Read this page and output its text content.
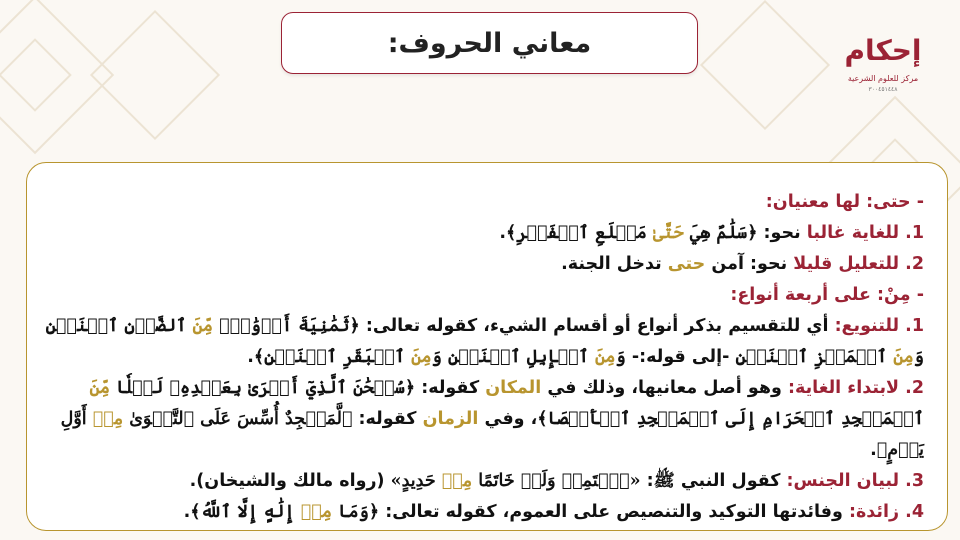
معاني الحروف:	إحكام
مركز للعلوم الشرعية
٣٠٠٤٥١٤٤٨
- حتى: لها معنيان:
1. للغاية غالبا نحو: ﴿سَلَٰمٌ هِيَ حَتَّىٰ مَطۡلَعِ ٱلۡفَجۡرِ﴾.
2. للتعليل قليلا نحو: آمن حتى تدخل الجنة.
- مِنْ: على أربعة أنواع:
1. للتنويع: أي للتقسيم بذكر أنواع أو أقسام الشيء، كقوله تعالى: ﴿ثَمَٰنِيَةَ أَزۡوَٰجٖۖ مِّنَ ٱلضَّأۡنِ ٱثۡنَيۡنِ وَمِنَ ٱلۡمَعۡزِ ٱثۡنَيۡنِ -إلى قوله:- وَمِنَ ٱلۡإِبِلِ ٱثۡنَيۡنِ وَمِنَ ٱلۡبَقَرِ ٱثۡنَيۡنِ﴾.
2. لابتداء الغاية: وهو أصل معانيها، وذلك في المكان كقوله: ﴿سُبۡحَٰنَ ٱلَّذِيٓ أَسۡرَىٰ بِعَبۡدِهِۦ لَيۡلٗا مِّنَ ٱلۡمَسۡجِدِ ٱلۡحَرَامِ إِلَى ٱلۡمَسۡجِدِ ٱلۡأَقۡصَا﴾، وفي الزمان كقوله: ﴿لَّمَسۡجِدٌ أُسِّسَ عَلَى ٱلتَّقۡوَىٰ مِنۡ أَوَّلِ يَوۡمٍ﴾.
3. لبيان الجنس: كقول النبي ﷺ: «ٱلۡتَمِسۡ وَلَوۡ خَاتَمًا مِنۡ حَدِيدٍ» (رواه مالك والشيخان).
4. زائدة: وفائدتها التوكيد والتنصيص على العموم، كقوله تعالى: ﴿وَمَا مِنۡ إِلَٰهٍ إِلَّا ٱللَّهُ﴾.
